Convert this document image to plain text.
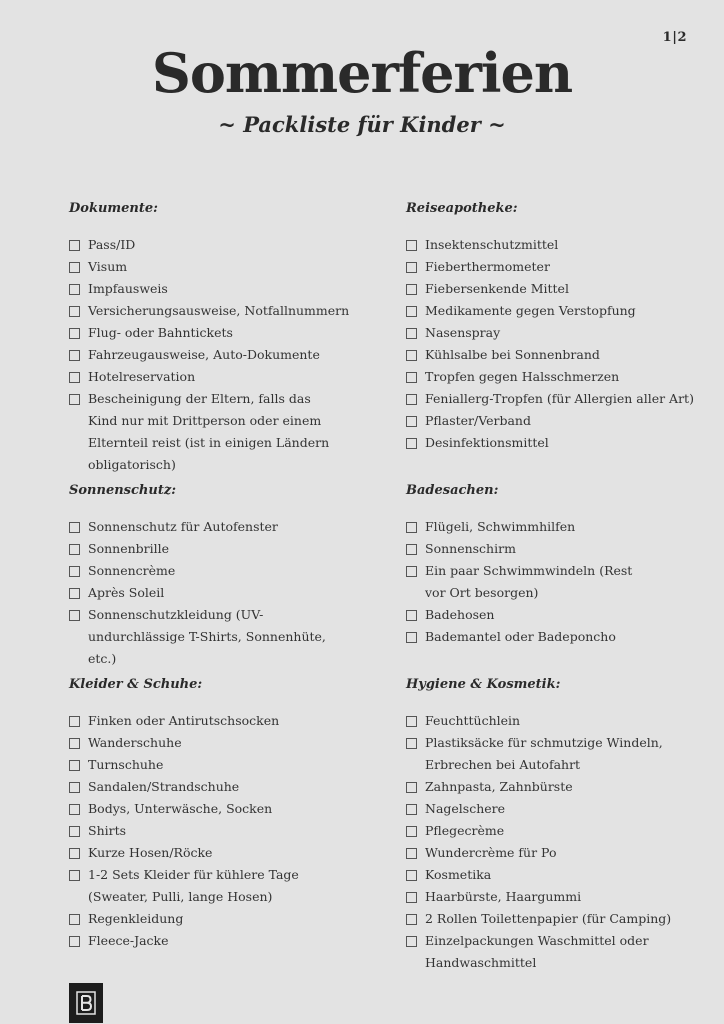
1|2
Sommerferien
~ Packliste für Kinder ~
Dokumente:
Pass/ID
Visum
Impfausweis
Versicherungsausweise, Notfallnummern
Flug- oder Bahntickets
Fahrzeugausweise, Auto-Dokumente
Hotelreservation
Bescheinigung der Eltern, falls das Kind nur mit Drittperson oder einem Elternteil reist (ist in einigen Ländern obligatorisch)
Reiseapotheke:
Insektenschutzmittel
Fieberthermometer
Fiebersenkende Mittel
Medikamente gegen Verstopfung
Nasenspray
Kühlsalbe bei Sonnenbrand
Tropfen gegen Halsschmerzen
Feniallerg-Tropfen (für Allergien aller Art)
Pflaster/Verband
Desinfektionsmittel
Sonnenschutz:
Sonnenschutz für Autofenster
Sonnenbrille
Sonnencrème
Après Soleil
Sonnenschutzkleidung (UV-undurchlässige T-Shirts, Sonnenhüte, etc.)
Badesachen:
Flügeli, Schwimmhilfen
Sonnenschirm
Ein paar Schwimmwindeln (Rest vor Ort besorgen)
Badehosen
Bademantel oder Badeponcho
Kleider & Schuhe:
Finken oder Antirutschsocken
Wanderschuhe
Turnschuhe
Sandalen/Strandschuhe
Bodys, Unterwäsche, Socken
Shirts
Kurze Hosen/Röcke
1-2 Sets Kleider für kühlere Tage (Sweater, Pulli, lange Hosen)
Regenkleidung
Fleece-Jacke
Hygiene & Kosmetik:
Feuchttüchlein
Plastiksäcke für schmutzige Windeln, Erbrechen bei Autofahrt
Zahnpasta, Zahnbürste
Nagelschere
Pflegecrème
Wundercrème für Po
Kosmetika
Haarbürste, Haargummi
2 Rollen Toilettenpapier (für Camping)
Einzelpackungen Waschmittel oder Handwaschmittel
